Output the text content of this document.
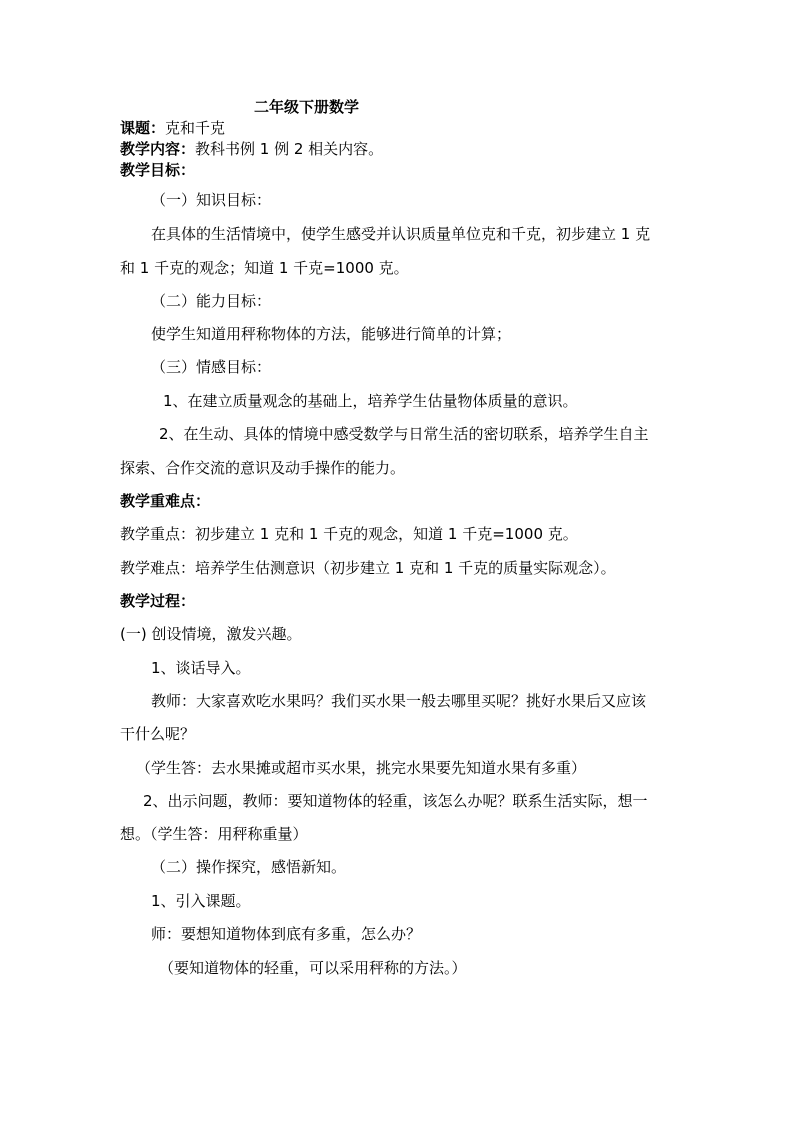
二年级下册数学
课题：克和千克
教学内容：教科书例 1 例 2 相关内容。
教学目标：
（一）知识目标：
在具体的生活情境中，使学生感受并认识质量单位克和千克，初步建立 1 克
和 1 千克的观念；知道 1 千克=1000 克。
（二）能力目标：
使学生知道用秤称物体的方法，能够进行简单的计算；
（三）情感目标：
1、在建立质量观念的基础上，培养学生估量物体质量的意识。
2、在生动、具体的情境中感受数学与日常生活的密切联系，培养学生自主
探索、合作交流的意识及动手操作的能力。
教学重难点：
教学重点：初步建立 1 克和 1 千克的观念，知道 1 千克=1000 克。
教学难点：培养学生估测意识（初步建立 1 克和 1 千克的质量实际观念）。
教学过程：
(一) 创设情境，激发兴趣。
1、谈话导入。
教师：大家喜欢吃水果吗？我们买水果一般去哪里买呢？挑好水果后又应该
干什么呢？
（学生答：去水果摊或超市买水果，挑完水果要先知道水果有多重）
2、出示问题，教师：要知道物体的轻重，该怎么办呢？联系生活实际，想一
想。（学生答：用秤称重量）
（二）操作探究，感悟新知。
1、引入课题。
师：要想知道物体到底有多重，怎么办？
（要知道物体的轻重，可以采用秤称的方法。）
